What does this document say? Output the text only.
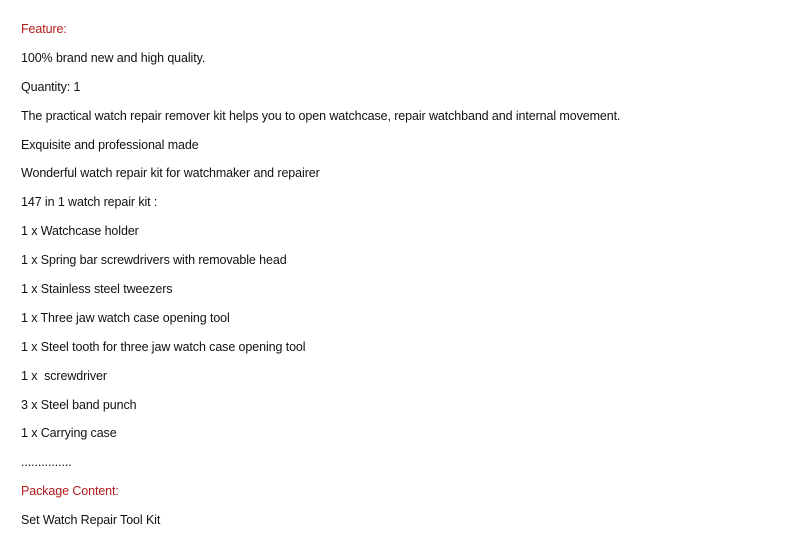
Feature:
100% brand new and high quality.
Quantity: 1
The practical watch repair remover kit helps you to open watchcase, repair watchband and internal movement.
Exquisite and professional made
Wonderful watch repair kit for watchmaker and repairer
147 in 1 watch repair kit :
1 x Watchcase holder
1 x Spring bar screwdrivers with removable head
1 x Stainless steel tweezers
1 x Three jaw watch case opening tool
1 x Steel tooth for three jaw watch case opening tool
1 x  screwdriver
3 x Steel band punch
1 x Carrying case
...............
Package Content:
Set Watch Repair Tool Kit
